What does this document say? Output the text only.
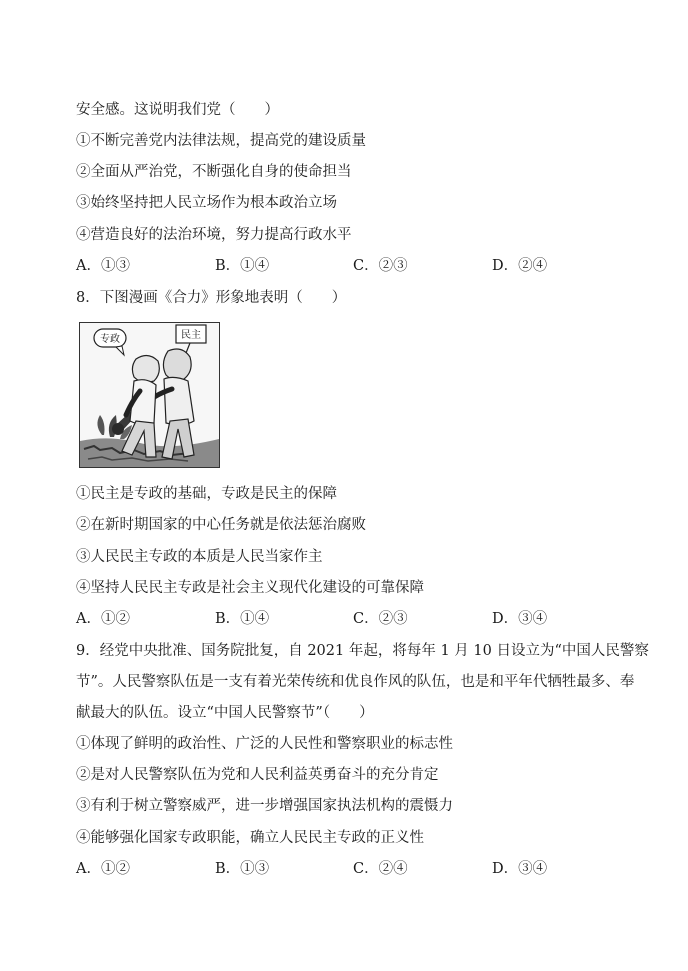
安全感。这说明我们党（　　）
①不断完善党内法律法规，提高党的建设质量
②全面从严治党，不断强化自身的使命担当
③始终坚持把人民立场作为根本政治立场
④营造良好的法治环境，努力提高行政水平
A．①③	B．①④	C．②③	D．②④
8．下图漫画《合力》形象地表明（　　）
专政	民主
①民主是专政的基础，专政是民主的保障
②在新时期国家的中心任务就是依法惩治腐败
③人民民主专政的本质是人民当家作主
④坚持人民民主专政是社会主义现代化建设的可靠保障
A．①②	B．①④	C．②③	D．③④
9．经党中央批准、国务院批复，自 2021 年起，将每年 1 月 10 日设立为“中国人民警察
节”。人民警察队伍是一支有着光荣传统和优良作风的队伍，也是和平年代牺牲最多、奉
献最大的队伍。设立“中国人民警察节”（　　）
①体现了鲜明的政治性、广泛的人民性和警察职业的标志性
②是对人民警察队伍为党和人民利益英勇奋斗的充分肯定
③有利于树立警察威严，进一步增强国家执法机构的震慑力
④能够强化国家专政职能，确立人民民主专政的正义性
A．①②	B．①③	C．②④	D．③④
